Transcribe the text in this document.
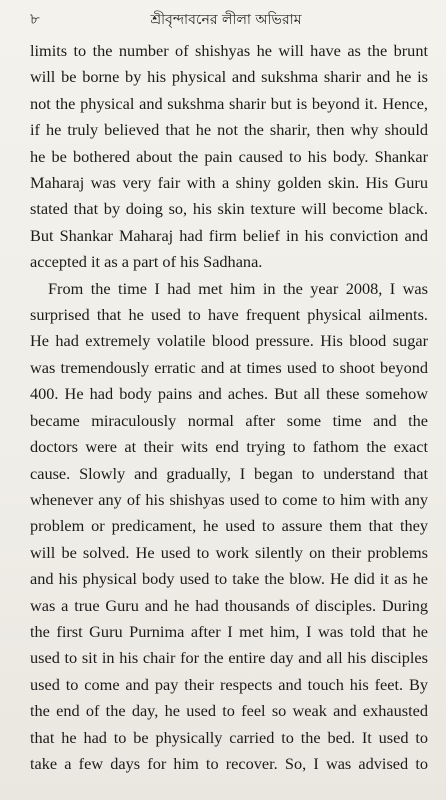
৮	শ্রীবৃন্দাবনের লীলা অভিরাম

limits to the number of shishyas he will have as the brunt

will be borne by his physical and sukshma sharir and he is

not the physical and sukshma sharir but is beyond it. Hence,

if he truly believed that he not the sharir, then why should

he be bothered about the pain caused to his body. Shankar

Maharaj was very fair with a shiny golden skin. His Guru

stated that by doing so, his skin texture will become black.

But Shankar Maharaj had firm belief in his conviction and

accepted it as a part of his Sadhana.

From the time I had met him in the year 2008, I was

surprised that he used to have frequent physical ailments.

He had extremely volatile blood pressure. His blood sugar

was tremendously erratic and at times used to shoot beyond

400. He had body pains and aches. But all these somehow

became miraculously normal after some time and the

doctors were at their wits end trying to fathom the exact

cause. Slowly and gradually, I began to understand that

whenever any of his shishyas used to come to him with any

problem or predicament, he used to assure them that they

will be solved. He used to work silently on their problems

and his physical body used to take the blow. He did it as he

was a true Guru and he had thousands of disciples. During

the first Guru Purnima after I met him, I was told that he

used to sit in his chair for the entire day and all his disciples

used to come and pay their respects and touch his feet. By

the end of the day, he used to feel so weak and exhausted

that he had to be physically carried to the bed. It used to

take a few days for him to recover. So, I was advised to
